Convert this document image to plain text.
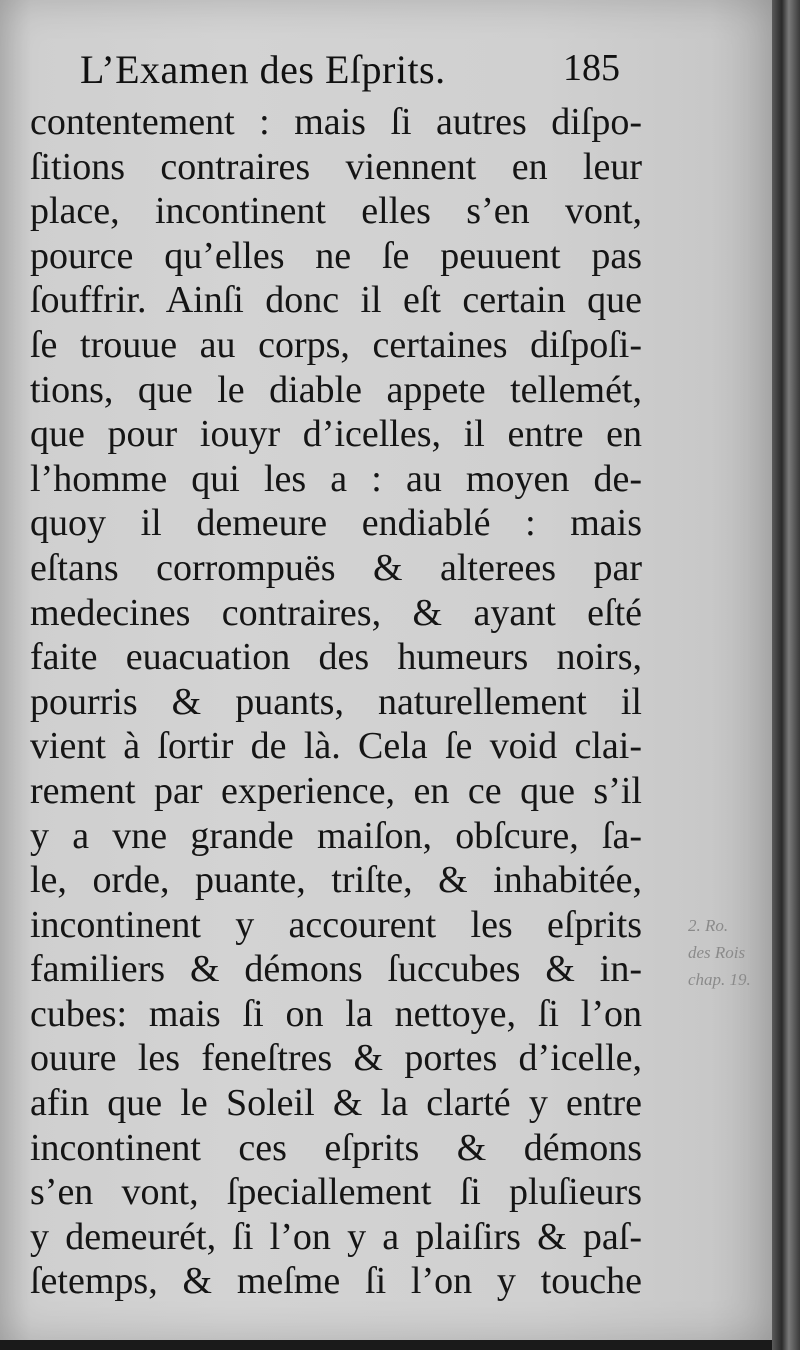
L’Examen des Eſprits.	185
contentement : mais ſi autres diſpo-
ſitions contraires viennent en leur
place, incontinent elles s’en vont,
pource qu’elles ne ſe peuuent pas
ſouffrir. Ainſi donc il eſt certain que
ſe trouue au corps, certaines diſpoſi-
tions, que le diable appete tellemét,
que pour iouyr d’icelles, il entre en
l’homme qui les a : au moyen de-
quoy il demeure endiablé : mais
eſtans corrompuës & alterees par
medecines contraires, & ayant eſté
faite euacuation des humeurs noirs,
pourris & puants, naturellement il
vient à ſortir de là. Cela ſe void clai-
rement par experience, en ce que s’il
y a vne grande maiſon, obſcure, ſa-
le, orde, puante, triſte, & inhabitée,
incontinent y accourent les eſprits
familiers & démons ſuccubes & in-
cubes: mais ſi on la nettoye, ſi l’on
ouure les feneſtres & portes d’icelle,
afin que le Soleil & la clarté y entre
incontinent ces eſprits & démons
s’en vont, ſpeciallement ſi pluſieurs
y demeurét, ſi l’on y a plaiſirs & paſ-
ſetemps, & meſme ſi l’on y touche
2. Ro.
des Rois
chap. 19.
